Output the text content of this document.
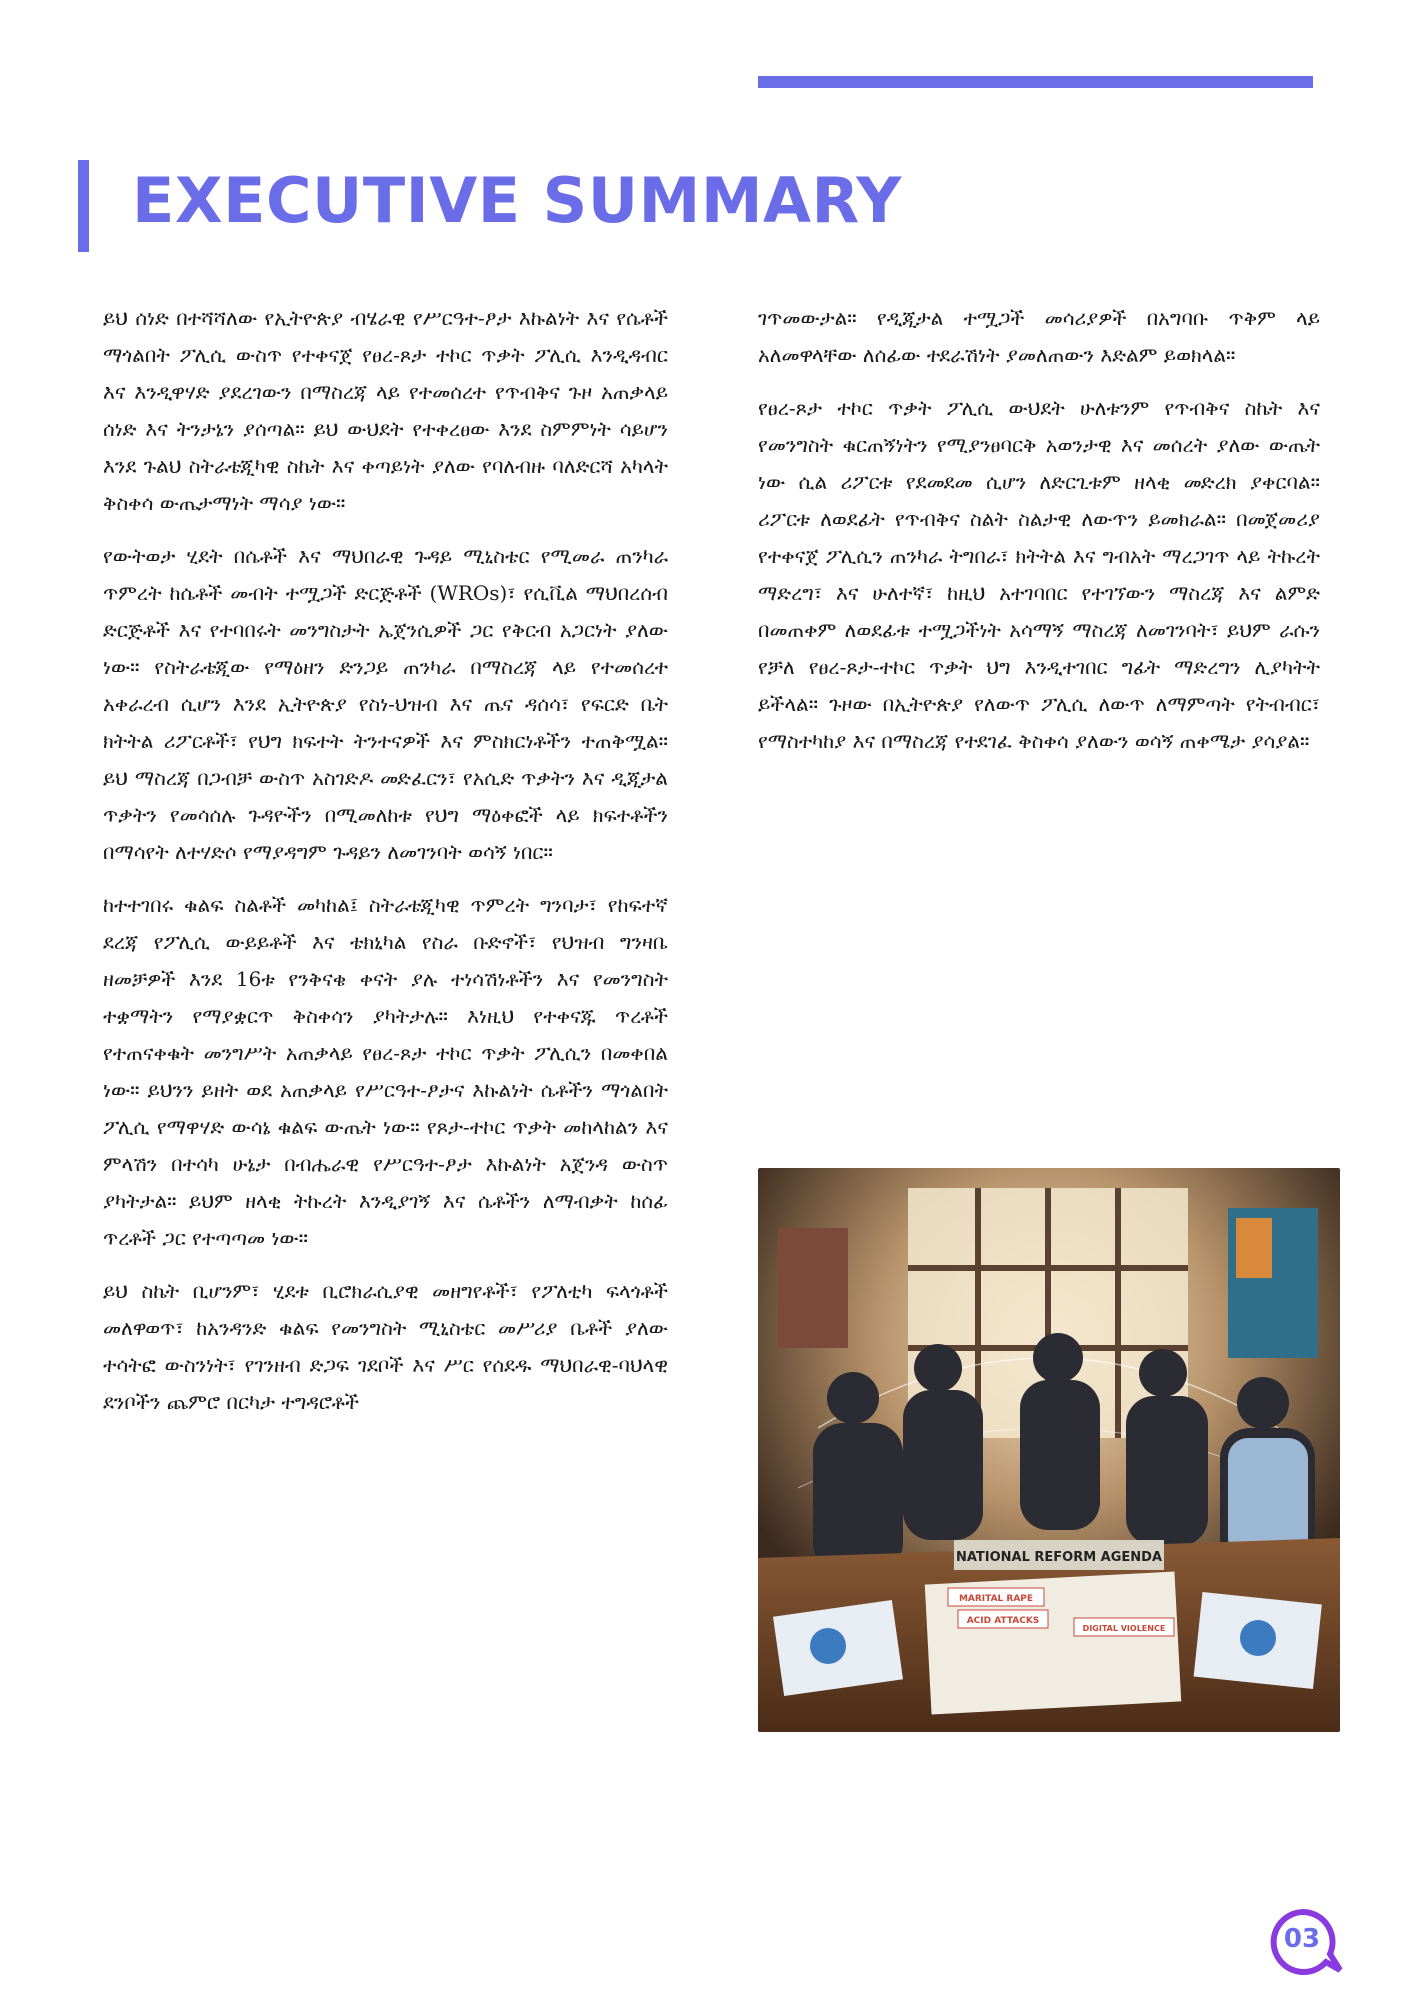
EXECUTIVE SUMMARY

ይህ ሰነድ በተሻሻለው የኢትዮጵያ ብሄራዊ የሥርዓተ-ፆታ እኩልነት እና የሴቶች ማጎልበት ፖሊሲ ውስጥ የተቀናጀ የፀረ-ጾታ ተኮር ጥቃት ፖሊሲ እንዲዳብር እና እንዲዋሃድ ያደረገውን በማስረጃ ላይ የተመሰረተ የጥብቅና ጉዞ አጠቃላይ ሰነድ እና ትንታኔን ያሰጣል። ይህ ውህደት የተቀረፀው እንደ ስምምነት ሳይሆን እንደ ጉልህ ስትራቴጂካዊ ስኬት እና ቀጣይነት ያለው የባለብዙ ባለድርሻ አካላት ቅስቀሳ ውጤታማነት ማሳያ ነው።

የውትወታ ሂደት በሴቶች እና ማህበራዊ ጉዳይ ሚኒስቴር የሚመራ ጠንካራ ጥምረት ከሴቶች መብት ተሟጋች ድርጅቶች (WROs)፣ የሲቪል ማህበረሰብ ድርጅቶች እና የተባበሩት መንግስታት ኤጀንሲዎች ጋር የቅርብ አጋርነት ያለው ነው። የስትራቴጂው የማዕዘን ድንጋይ ጠንካራ በማስረጃ ላይ የተመሰረተ አቀራረብ ሲሆን እንደ ኢትዮጵያ የስነ-ህዝብ እና ጤና ዳሰሳ፣ የፍርድ ቤት ክትትል ሪፖርቶች፣ የህግ ክፍተት ትንተናዎች እና ምስክርነቶችን ተጠቅሟል። ይህ ማስረጃ በጋብቻ ውስጥ አስገድዶ መድፈርን፣ የአሲድ ጥቃትን እና ዲጂታል ጥቃትን የመሳሰሉ ጉዳዮችን በሚመለከቱ የህግ ማዕቀፎች ላይ ክፍተቶችን በማሳየት ለተሃድሶ የማያዳግም ጉዳይን ለመገንባት ወሳኝ ነበር።

ከተተገበሩ ቁልፍ ስልቶች መካከል፤ ስትራቴጂካዊ ጥምረት ግንባታ፣ የከፍተኛ ደረጃ የፖሊሲ ውይይቶች እና ቴክኒካል የስራ ቡድኖች፣ የህዝብ ግንዛቤ ዘመቻዎች እንደ 16ቱ የንቅናቄ ቀናት ያሉ ተነሳሽነቶችን እና የመንግስት ተቋማትን የማያቋርጥ ቅስቀሳን ያካትታሉ። እነዚህ የተቀናጁ ጥረቶች የተጠናቀቁት መንግሥት አጠቃላይ የፀረ-ጾታ ተኮር ጥቃት ፖሊሲን በመቀበል ነው። ይህንን ይዘት ወደ አጠቃላይ የሥርዓተ-ፆታና እኩልነት ሴቶችን ማጎልበት ፖሊሲ የማዋሃድ ውሳኔ ቁልፍ ውጤት ነው። የጾታ-ተኮር ጥቃት መከላከልን እና ምላሽን በተሳካ ሁኔታ በብሔራዊ የሥርዓተ-ፆታ እኩልነት አጀንዳ ውስጥ ያካትታል። ይህም ዘላቂ ትኩረት እንዲያገኝ እና ሴቶችን ለማብቃት ከሰፊ ጥረቶች ጋር የተጣጣመ ነው።

ይህ ስኬት ቢሆንም፣ ሂደቱ ቢሮክራሲያዊ መዘግየቶች፣ የፖለቲካ ፍላጎቶች መለዋወጥ፣ ከአንዳንድ ቁልፍ የመንግስት ሚኒስቴር መሥሪያ ቤቶች ያለው ተሳትፎ ውስንነት፣ የገንዘብ ድጋፍ ገደቦች እና ሥር የሰደዱ ማህበራዊ-ባህላዊ ደንቦችን ጨምሮ በርካታ ተግዳሮቶች

ገጥመውታል። የዲጂታል ተሟጋች መሳሪያዎች በአግባቡ ጥቅም ላይ አለመዋላቸው ለሰፊው ተደራሽነት ያመለጠውን እድልም ይወክላል።

የፀረ-ጾታ ተኮር ጥቃት ፖሊሲ ውህደት ሁለቱንም የጥብቅና ስኬት እና የመንግስት ቁርጠኝነትን የሚያንፀባርቅ አወንታዊ እና መሰረት ያለው ውጤት ነው ሲል ሪፖርቱ የደመደመ ሲሆን ለድርጊቱም ዘላቂ መድረክ ያቀርባል። ሪፖርቱ ለወደፊት የጥብቅና ስልት ስልታዊ ለውጥን ይመክራል። በመጀመሪያ የተቀናጀ ፖሊሲን ጠንካራ ትግበራ፣ ክትትል እና ግብአት ማረጋገጥ ላይ ትኩረት ማድረግ፣ እና ሁለተኛ፣ ከዚህ አተገባበር የተገኘውን ማስረጃ እና ልምድ በመጠቀም ለወደፊቱ ተሟጋችነት አሳማኝ ማስረጃ ለመገንባት፣ ይህም ራሱን የቻለ የፀረ-ጾታ-ተኮር ጥቃት ህግ እንዲተገበር ግፊት ማድረግን ሊያካትት ይችላል። ጉዞው በኢትዮጵያ የለውጥ ፖሊሲ ለውጥ ለማምጣት የትብብር፣ የማስተካከያ እና በማስረጃ የተደገፈ ቅስቀሳ ያለውን ወሳኝ ጠቀሜታ ያሳያል።

NATIONAL REFORM AGENDA
MARITAL RAPE
ACID ATTACKS
DIGITAL VIOLENCE
03
